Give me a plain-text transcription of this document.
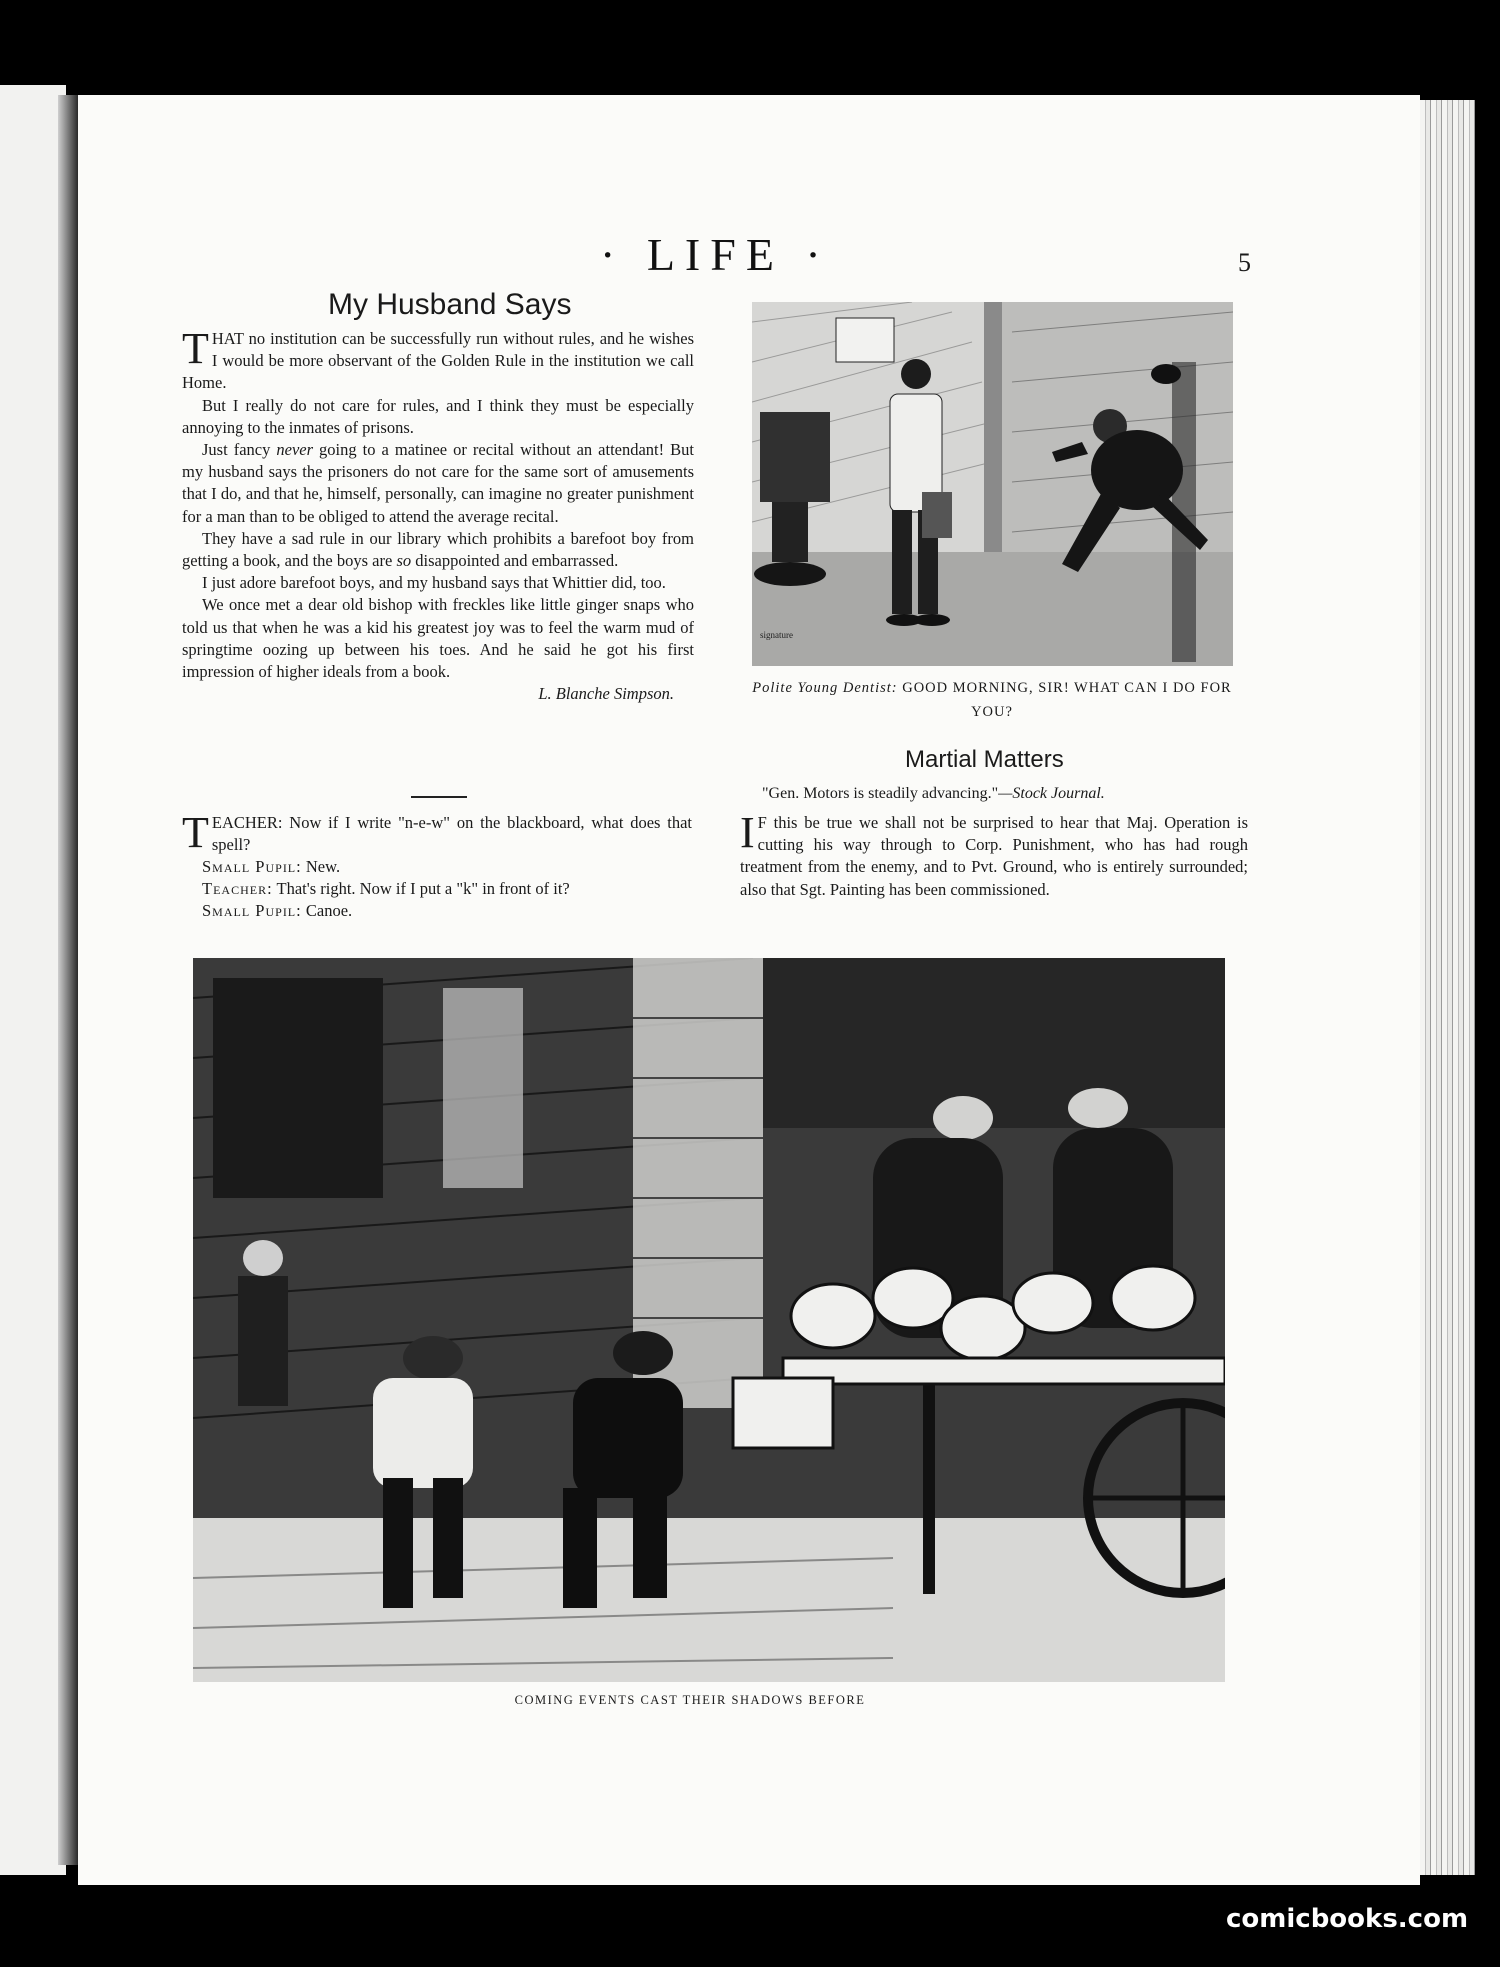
· LIFE ·	5
My Husband Says

THAT no institution can be successfully run without rules, and he wishes I would be more observant of the Golden Rule in the institution we call Home.

But I really do not care for rules, and I think they must be especially annoying to the inmates of prisons.

Just fancy never going to a matinee or recital without an attendant! But my husband says the prisoners do not care for the same sort of amusements that I do, and that he, himself, personally, can imagine no greater punishment for a man than to be obliged to attend the average recital.

They have a sad rule in our library which prohibits a barefoot boy from getting a book, and the boys are so disappointed and embarrassed.

I just adore barefoot boys, and my husband says that Whittier did, too.

We once met a dear old bishop with freckles like little ginger snaps who told us that when he was a kid his greatest joy was to feel the warm mud of springtime oozing up between his toes. And he said he got his first impression of higher ideals from a book.
L. Blanche Simpson.

TEACHER: Now if I write "n-e-w" on the blackboard, what does that spell?
Small Pupil: New.
Teacher: That's right. Now if I put a "k" in front of it?
Small Pupil: Canoe.
signature
Polite Young Dentist: GOOD MORNING, SIR! WHAT CAN I DO FOR YOU?
Martial Matters
"Gen. Motors is steadily advancing."—Stock Journal.

I F this be true we shall not be surprised to hear that Maj. Operation is cutting his way through to Corp. Punishment, who has had rough treatment from the enemy, and to Pvt. Ground, who is entirely surrounded; also that Sgt. Painting has been commissioned.

COMING EVENTS CAST THEIR SHADOWS BEFORE
comicbooks.com
